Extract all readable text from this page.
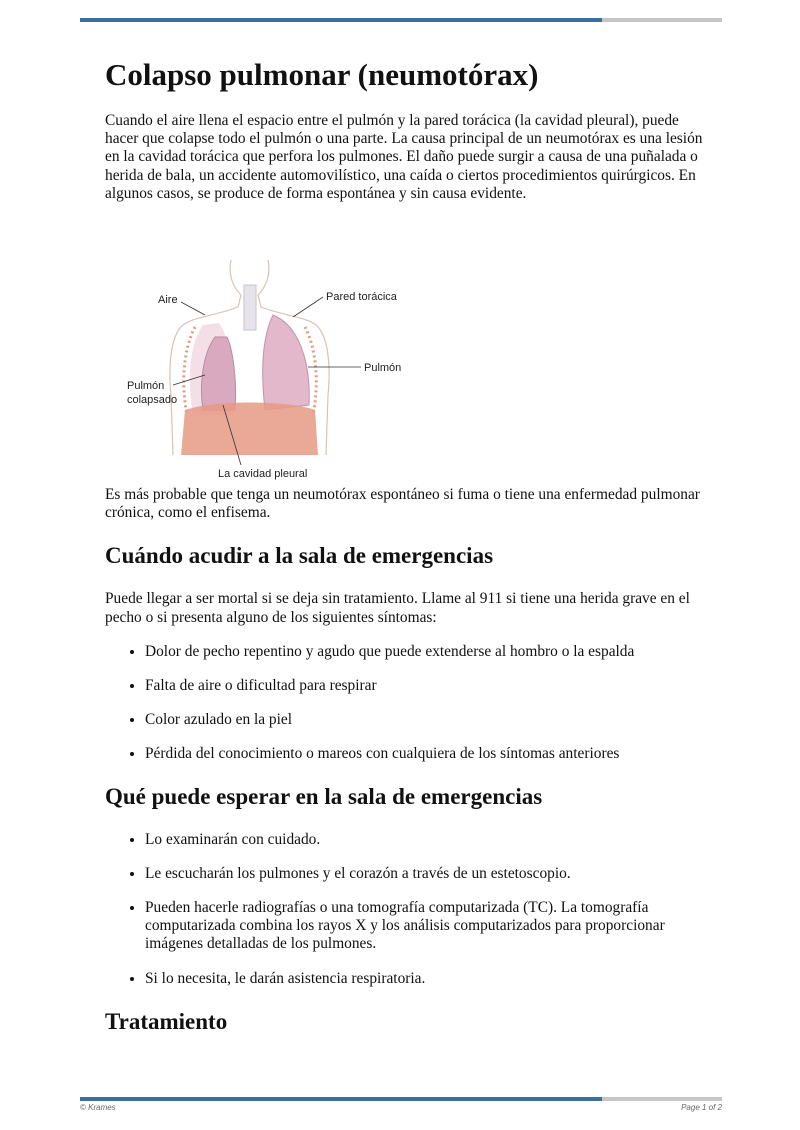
Colapso pulmonar (neumotórax)

Cuando el aire llena el espacio entre el pulmón y la pared torácica (la cavidad pleural), puede hacer que colapse todo el pulmón o una parte. La causa principal de un neumotórax es una lesión en la cavidad torácica que perfora los pulmones. El daño puede surgir a causa de una puñalada o herida de bala, un accidente automovilístico, una caída o ciertos procedimientos quirúrgicos. En algunos casos, se produce de forma espontánea y sin causa evidente.

Es más probable que tenga un neumotórax espontáneo si fuma o tiene una enfermedad pulmonar crónica, como el enfisema.

Cuándo acudir a la sala de emergencias

Puede llegar a ser mortal si se deja sin tratamiento. Llame al 911 si tiene una herida grave en el pecho o si presenta alguno de los siguientes síntomas:

• Dolor de pecho repentino y agudo que puede extenderse al hombro o la espalda
• Falta de aire o dificultad para respirar
• Color azulado en la piel
• Pérdida del conocimiento o mareos con cualquiera de los síntomas anteriores
Qué puede esperar en la sala de emergencias
• Lo examinarán con cuidado.
• Le escucharán los pulmones y el corazón a través de un estetoscopio.
• Pueden hacerle radiografías o una tomografía computarizada (TC). La tomografía computarizada combina los rayos X y los análisis computarizados para proporcionar imágenes detalladas de los pulmones.
• Si lo necesita, le darán asistencia respiratoria.
Tratamiento
Aire	Pared torácica
Pulmón
Pulmón
colapsado
La cavidad pleural
© Krames	Page 1 of 2
